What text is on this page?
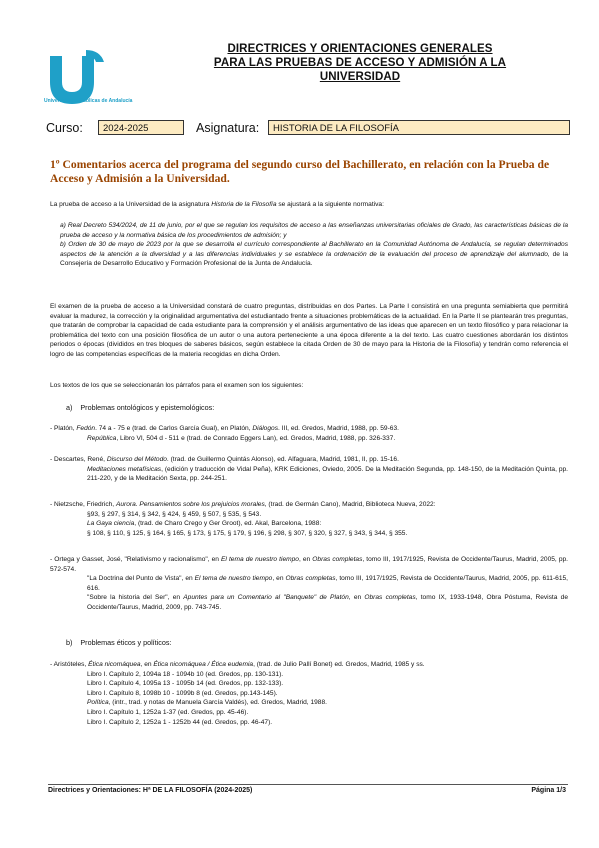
Universidades Públicas de Andalucía
DIRECTRICES Y ORIENTACIONES GENERALES
PARA LAS PRUEBAS DE ACCESO Y ADMISIÓN A LA
UNIVERSIDAD
Curso:	2024-2025	Asignatura:	HISTORIA DE LA FILOSOFÍA
1º Comentarios acerca del programa del segundo curso del Bachillerato, en relación con la Prueba de Acceso y Admisión a la Universidad.
La prueba de acceso a la Universidad de la asignatura Historia de la Filosofía se ajustará a la siguiente normativa:

a) Real Decreto 534/2024, de 11 de junio, por el que se regulan los requisitos de acceso a las enseñanzas universitarias oficiales de Grado, las características básicas de la prueba de acceso y la normativa básica de los procedimientos de admisión; y

b) Orden de 30 de mayo de 2023 por la que se desarrolla el currículo correspondiente al Bachillerato en la Comunidad Autónoma de Andalucía, se regulan determinados aspectos de la atención a la diversidad y a las diferencias individuales y se establece la ordenación de la evaluación del proceso de aprendizaje del alumnado, de la Consejería de Desarrollo Educativo y Formación Profesional de la Junta de Andalucía.

El examen de la prueba de acceso a la Universidad constará de cuatro preguntas, distribuidas en dos Partes. La Parte I consistirá en una pregunta semiabierta que permitirá evaluar la madurez, la corrección y la originalidad argumentativa del estudiantado frente a situaciones problemáticas de la actualidad. En la Parte II se plantearán tres preguntas, que tratarán de comprobar la capacidad de cada estudiante para la comprensión y el análisis argumentativo de las ideas que aparecen en un texto filosófico y para relacionar la problemática del texto con una posición filosófica de un autor o una autora perteneciente a una época diferente a la del texto. Las cuatro cuestiones abordarán los distintos periodos o épocas (divididos en tres bloques de saberes básicos, según establece la citada Orden de 30 de mayo para la Historia de la Filosofía) y tendrán como referencia el logro de las competencias específicas de la materia recogidas en dicha Orden.
Los textos de los que se seleccionarán los párrafos para el examen son los siguientes:
a)    Problemas ontológicos y epistemológicos:

- Platón, Fedón. 74 a - 75 e (trad. de Carlos García Gual), en Platón, Diálogos. III, ed. Gredos, Madrid, 1988, pp. 59-63.

República, Libro VI, 504 d - 511 e (trad. de Conrado Eggers Lan), ed. Gredos, Madrid, 1988, pp. 326-337.

- Descartes, René, Discurso del Método. (trad. de Guillermo Quintás Alonso), ed. Alfaguara, Madrid, 1981, II, pp. 15-16.

Meditaciones metafísicas, (edición y traducción de Vidal Peña), KRK Ediciones, Oviedo, 2005. De la Meditación Segunda, pp. 148-150, de la Meditación Quinta, pp. 211-220, y de la Meditación Sexta, pp. 244-251.

- Nietzsche, Friedrich, Aurora. Pensamientos sobre los prejuicios morales, (trad. de Germán Cano), Madrid, Biblioteca Nueva, 2022:

§93, § 297, § 314, § 342, § 424, § 459, § 507, § 535, § 543.

La Gaya ciencia, (trad. de Charo Crego y Ger Groot), ed. Akal, Barcelona, 1988:

§ 108, § 110, § 125, § 164, § 165, § 173, § 175, § 179, § 196, § 298, § 307, § 320, § 327, § 343, § 344, § 355.

- Ortega y Gasset, José, "Relativismo y racionalismo", en El tema de nuestro tiempo, en Obras completas, tomo III, 1917/1925, Revista de Occidente/Taurus, Madrid, 2005, pp. 572-574.

"La Doctrina del Punto de Vista", en El tema de nuestro tiempo, en Obras completas, tomo III, 1917/1925, Revista de Occidente/Taurus, Madrid, 2005, pp. 611-615, 616.

"Sobre la historia del Ser", en Apuntes para un Comentario al "Banquete" de Platón, en Obras completas, tomo IX, 1933-1948, Obra Póstuma, Revista de Occidente/Taurus, Madrid, 2009, pp. 743-745.

b)    Problemas éticos y políticos:

- Aristóteles, Ética nicomáquea, en Ética nicomáquea / Ética eudemia, (trad. de Julio Pallí Bonet) ed. Gredos, Madrid, 1985 y ss.

Libro I. Capítulo 2, 1094a 18 - 1094b 10 (ed. Gredos, pp. 130-131).

Libro I. Capítulo 4, 1095a 13 - 1095b 14 (ed. Gredos, pp. 132-133).

Libro I. Capítulo 8, 1098b 10 - 1099b 8 (ed. Gredos, pp.143-145).

Política, (intr., trad. y notas de Manuela García Valdés), ed. Gredos, Madrid, 1988.

Libro I. Capítulo 1, 1252a 1-37 (ed. Gredos, pp. 45-46).

Libro I. Capítulo 2, 1252a 1 - 1252b 44 (ed. Gredos, pp. 46-47).

Directrices y Orientaciones: Hª DE LA FILOSOFÍA (2024-2025)	Página 1/3
